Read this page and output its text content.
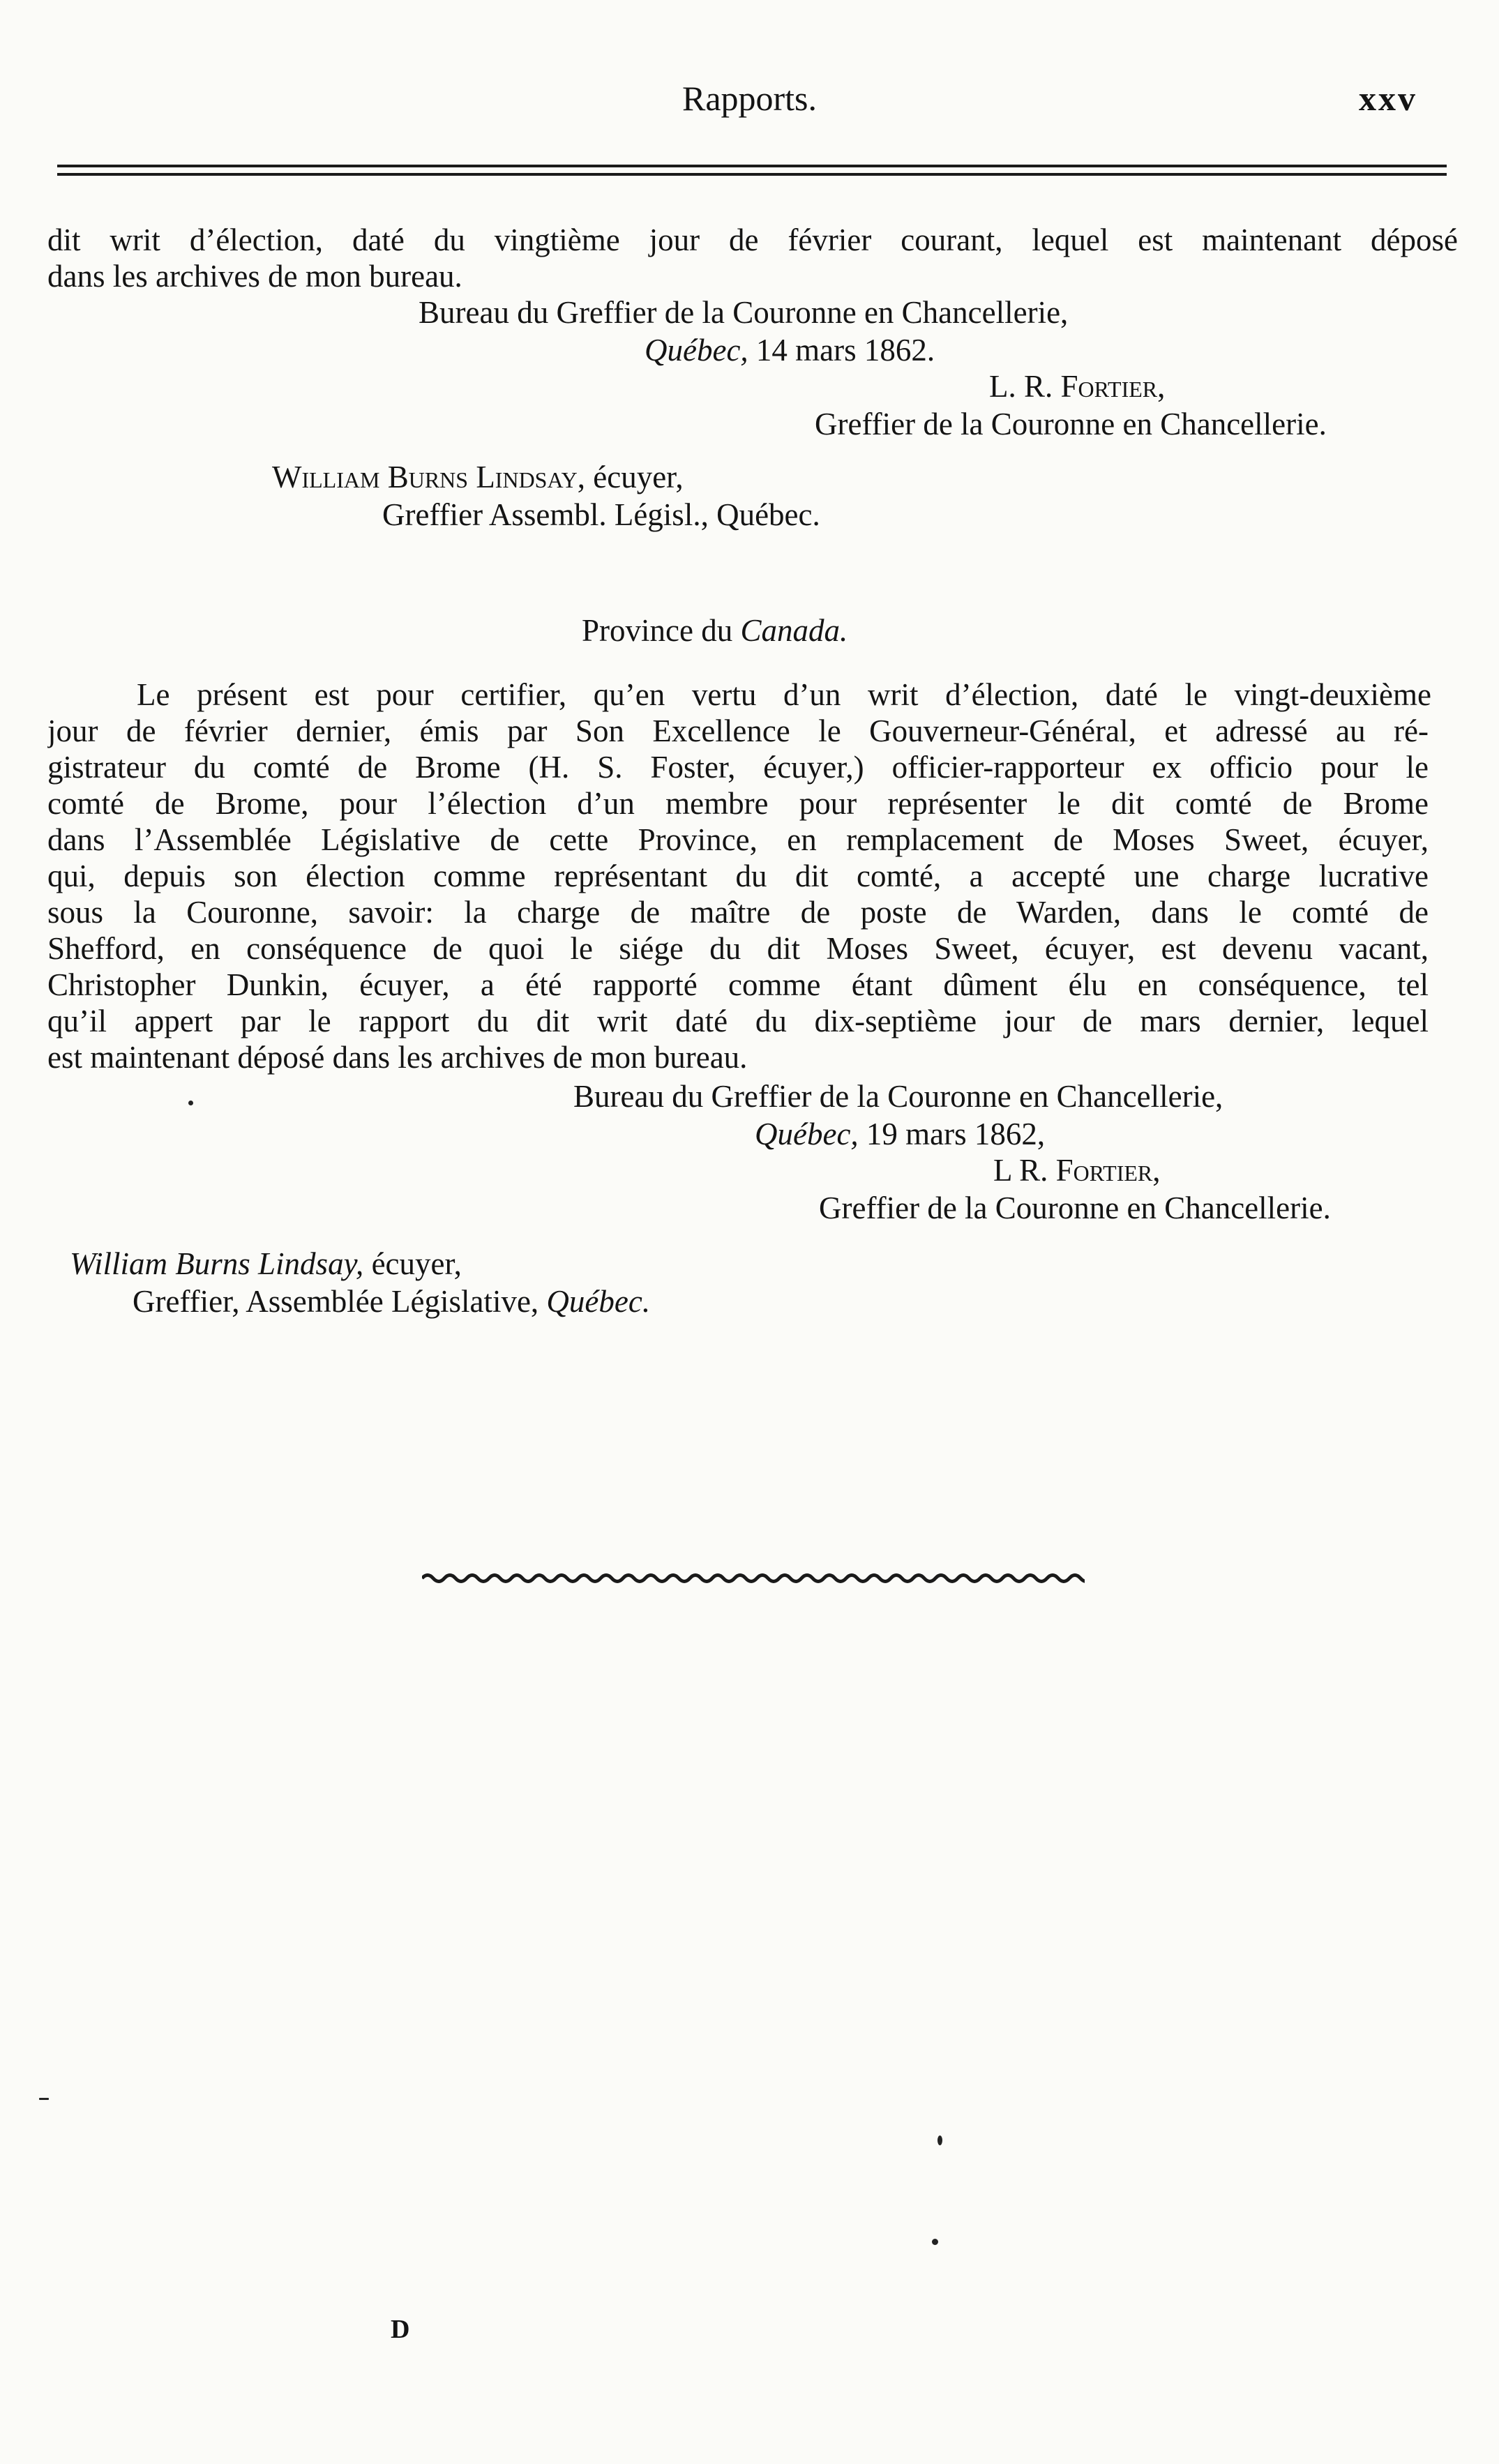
Rapports.	xxv
dit writ d’élection, daté du vingtième jour de février courant, lequel est maintenant déposé
dans les archives de mon bureau.
Bureau du Greffier de la Couronne en Chancellerie,
Québec, 14 mars 1862.
L. R. Fortier,
Greffier de la Couronne en Chancellerie.
William Burns Lindsay, écuyer,
Greffier Assembl. Législ., Québec.
Province du Canada.
Le présent est pour certifier, qu’en vertu d’un writ d’élection, daté le vingt-deuxième
jour de février dernier, émis par Son Excellence le Gouverneur-Général, et adressé au ré-
gistrateur du comté de Brome (H. S. Foster, écuyer,) officier-rapporteur ex officio pour le
comté de Brome, pour l’élection d’un membre pour représenter le dit comté de Brome
dans l’Assemblée Législative de cette Province, en remplacement de Moses Sweet, écuyer,
qui, depuis son élection comme représentant du dit comté, a accepté une charge lucrative
sous la Couronne, savoir: la charge de maître de poste de Warden, dans le comté de
Shefford, en conséquence de quoi le siége du dit Moses Sweet, écuyer, est devenu vacant,
Christopher Dunkin, écuyer, a été rapporté comme étant dûment élu en conséquence, tel
qu’il appert par le rapport du dit writ daté du dix-septième jour de mars dernier, lequel
est maintenant déposé dans les archives de mon bureau.
Bureau du Greffier de la Couronne en Chancellerie,
Québec, 19 mars 1862,
L R. Fortier,
Greffier de la Couronne en Chancellerie.
William Burns Lindsay, écuyer,
Greffier, Assemblée Législative, Québec.
D
